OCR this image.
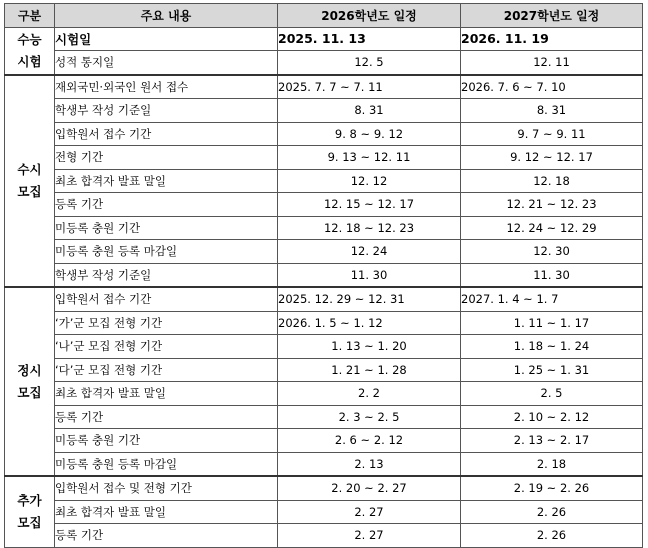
구분	주요 내용	2026학년도 일정	2027학년도 일정

수능
시험	시험일	2025. 11. 13	2026. 11. 19
	성적 통지일	12. 5	12. 11

수시
모집	재외국민·외국인 원서 접수	2025. 7. 7 ~ 7. 11	2026. 7. 6 ~ 7. 10
	학생부 작성 기준일	8. 31	8. 31
	입학원서 접수 기간	9. 8 ~ 9. 12	9. 7 ~ 9. 11
	전형 기간	9. 13 ~ 12. 11	9. 12 ~ 12. 17
	최초 합격자 발표 말일	12. 12	12. 18
	등록 기간	12. 15 ~ 12. 17	12. 21 ~ 12. 23
	미등록 충원 기간	12. 18 ~ 12. 23	12. 24 ~ 12. 29
	미등록 충원 등록 마감일	12. 24	12. 30
	학생부 작성 기준일	11. 30	11. 30

정시
모집	입학원서 접수 기간	2025. 12. 29 ~ 12. 31	2027. 1. 4 ~ 1. 7
	‘가’군 모집 전형 기간	2026. 1. 5 ~ 1. 12	1. 11 ~ 1. 17
	‘나’군 모집 전형 기간	1. 13 ~ 1. 20	1. 18 ~ 1. 24
	‘다’군 모집 전형 기간	1. 21 ~ 1. 28	1. 25 ~ 1. 31
	최초 합격자 발표 말일	2. 2	2. 5
	등록 기간	2. 3 ~ 2. 5	2. 10 ~ 2. 12
	미등록 충원 기간	2. 6 ~ 2. 12	2. 13 ~ 2. 17
	미등록 충원 등록 마감일	2. 13	2. 18

추가
모집	입학원서 접수 및 전형 기간	2. 20 ~ 2. 27	2. 19 ~ 2. 26
	최초 합격자 발표 말일	2. 27	2. 26
	등록 기간	2. 27	2. 26
